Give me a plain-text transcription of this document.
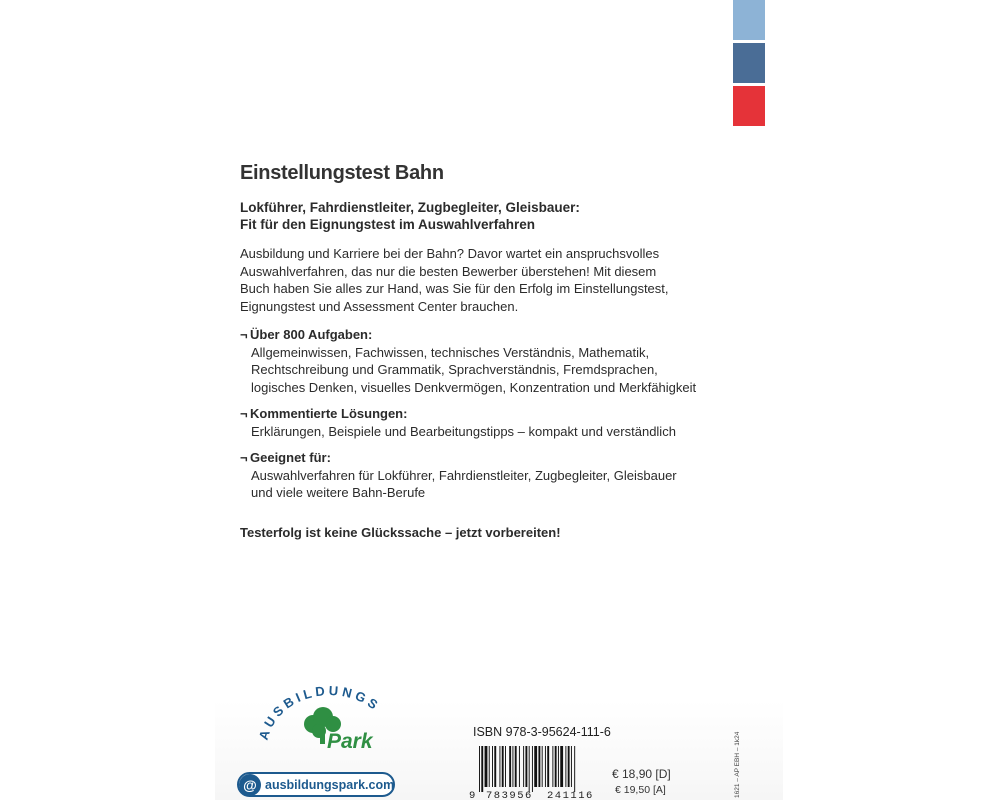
Einstellungstest Bahn
Lokführer, Fahrdienstleiter, Zugbegleiter, Gleisbauer:
Fit für den Eignungstest im Auswahlverfahren
Ausbildung und Karriere bei der Bahn? Davor wartet ein anspruchsvolles
Auswahlverfahren, das nur die besten Bewerber überstehen! Mit diesem
Buch haben Sie alles zur Hand, was Sie für den Erfolg im Einstellungstest,
Eignungstest und Assessment Center brauchen.
¬ Über 800 Aufgaben:
Allgemeinwissen, Fachwissen, technisches Verständnis, Mathematik,
Rechtschreibung und Grammatik, Sprachverständnis, Fremdsprachen,
logisches Denken, visuelles Denkvermögen, Konzentration und Merkfähigkeit
¬ Kommentierte Lösungen:
Erklärungen, Beispiele und Bearbeitungstipps – kompakt und verständlich
¬ Geeignet für:
Auswahlverfahren für Lokführer, Fahrdienstleiter, Zugbegleiter, Gleisbauer
und viele weitere Bahn-Berufe
Testerfolg ist keine Glückssache – jetzt vorbereiten!
AUSBILDUNGS
Park
@ ausbildungspark.com
ISBN 978-3-95624-111-6
9 783956 241116
€ 18,90 [D]
€ 19,50 [A]	1621 – AP EBH – 1k24
